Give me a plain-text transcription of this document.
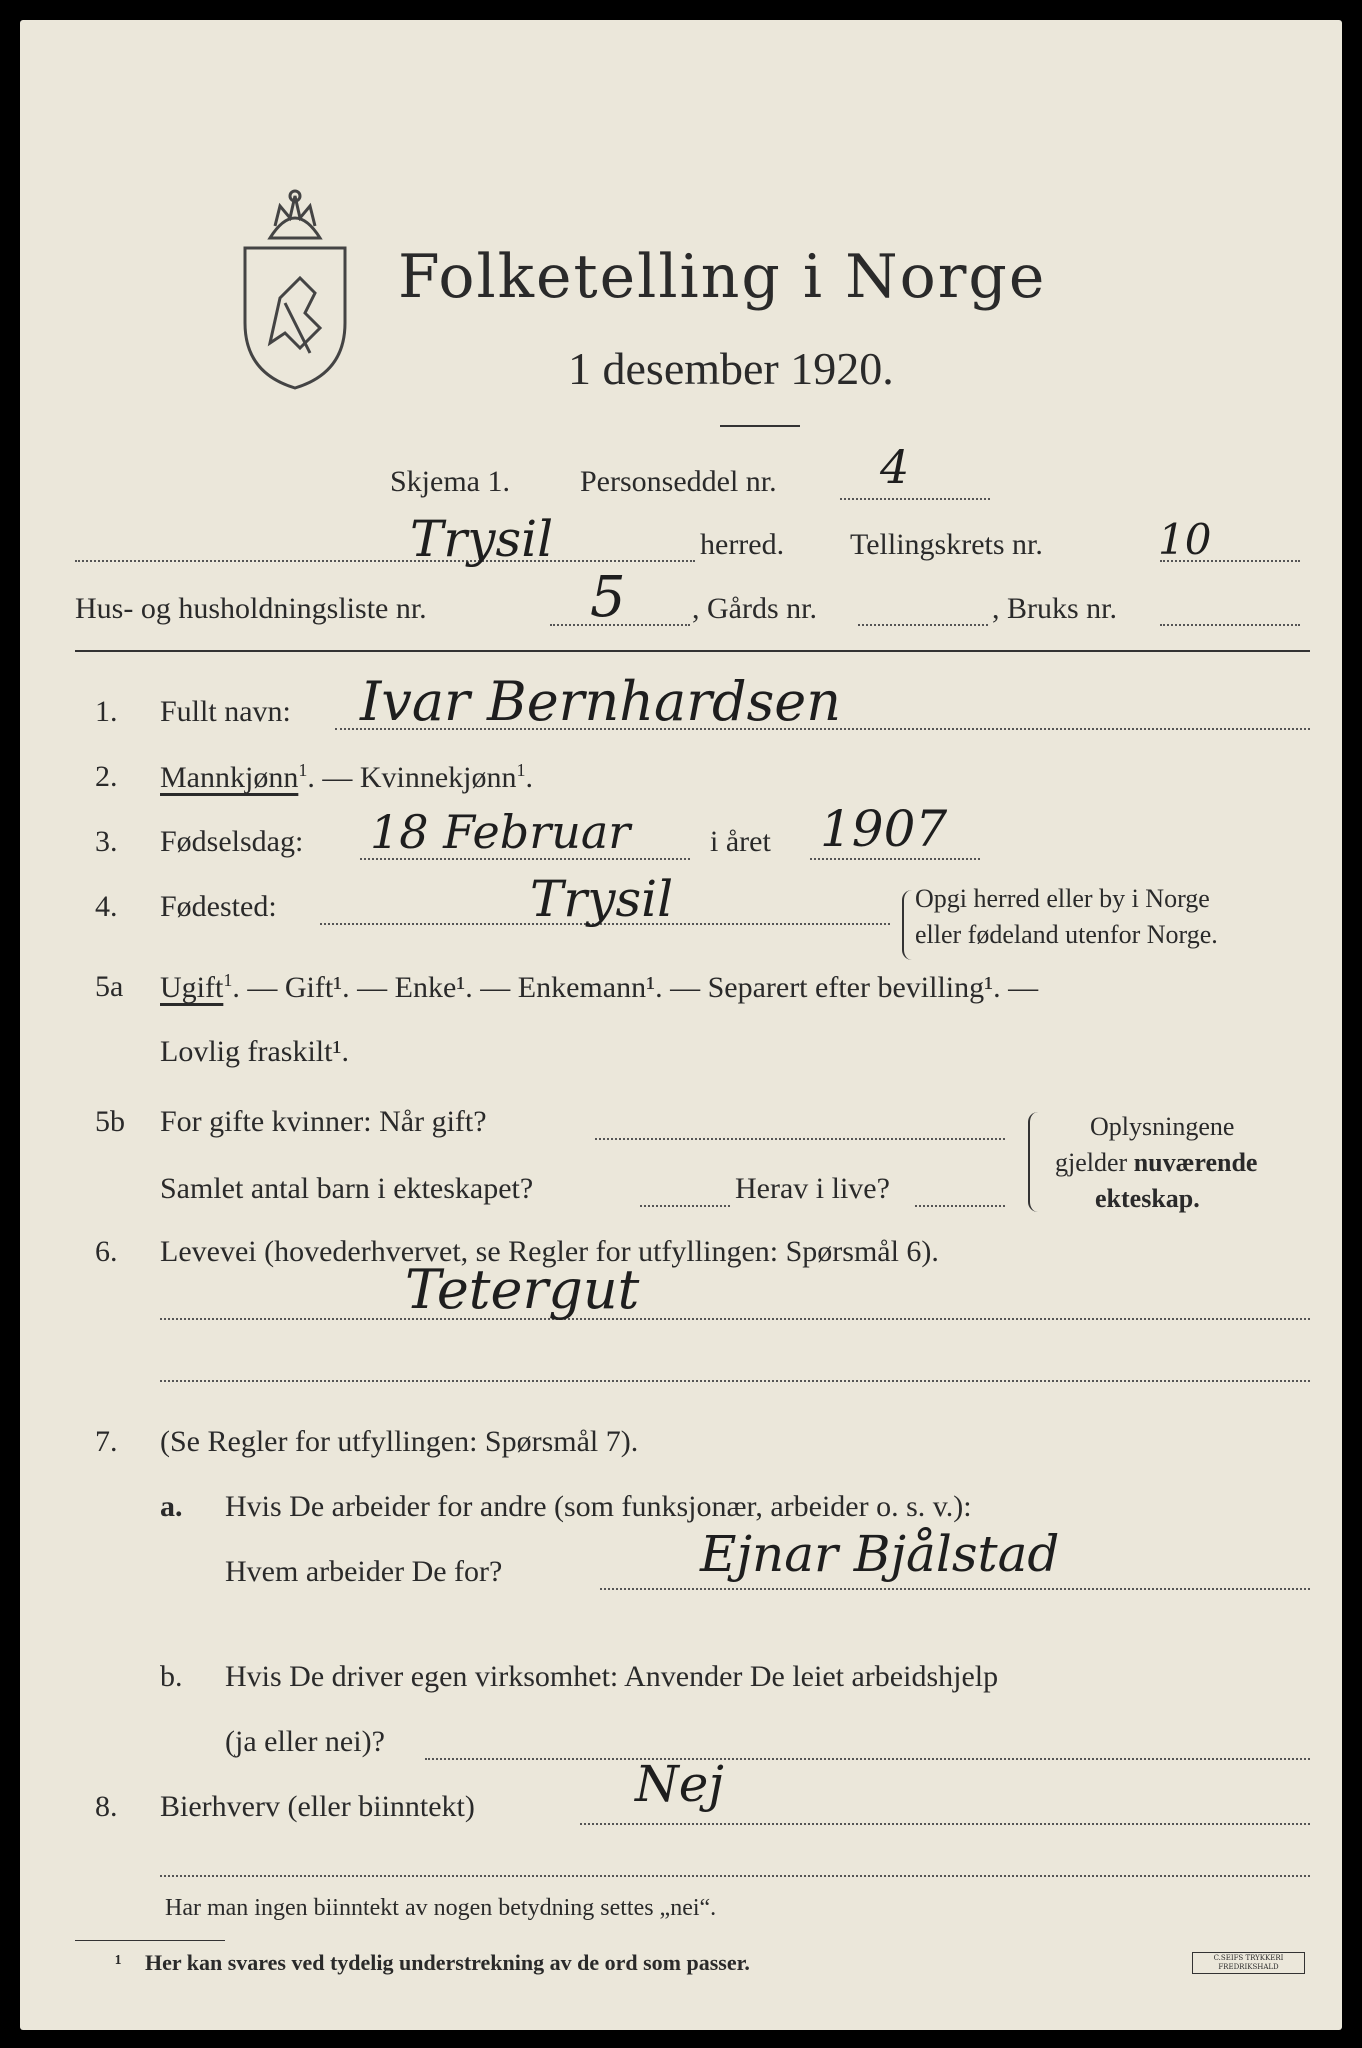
Folketelling i Norge
1 desember 1920.
Skjema 1. Personseddel nr. 4
Trysil	herred. Tellingskrets nr.	10
Hus- og husholdningsliste nr.	5 , Gårds nr.	, Bruks nr.
1. Fullt navn: Ivar Bernhardsen
2. Mannkjønn$^1$. — Kvinnekjønn$^1$.
3. Fødselsdag: 18 Februar	i året 1907
4. Fødested:	Trysil	Opgi herred eller by i Norge
eller fødeland utenfor Norge.
5a Ugift$^1$. — Gift¹. — Enke¹. — Enkemann¹. — Separert efter bevilling¹. —
Lovlig fraskilt¹.
5b For gifte kvinner: Når gift?
Samlet antal barn i ekteskapet?	Herav i live?
Oplysningene
gjelder nuværende
ekteskap.
6. Levevei (hovederhvervet, se Regler for utfyllingen: Spørsmål 6).
Tetergut
7. (Se Regler for utfyllingen: Spørsmål 7).
a. Hvis De arbeider for andre (som funksjonær, arbeider o. s. v.):
Hvem arbeider De for?	Ejnar Bjålstad
b. Hvis De driver egen virksomhet: Anvender De leiet arbeidshjelp
(ja eller nei)?
8. Bierhverv (eller biinntekt)	Nej
Har man ingen biinntekt av nogen betydning settes „nei“.
¹ Her kan svares ved tydelig understrekning av de ord som passer.	C.SEIFS TRYKKERI FREDRIKSHALD
